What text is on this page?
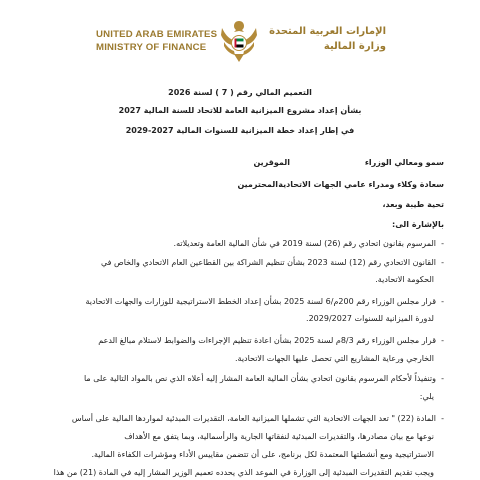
UNITED ARAB EMIRATES
MINISTRY OF FINANCE
الإمارات العربية المتحدة
وزارة المالية
التعميم المالي رقم ( 7 ) لسنة 2026
بشأن إعداد مشروع الميزانية العامة للاتحاد للسنة المالية 2027
في إطار إعداد خطة الميزانية للسنوات المالية 2027-2029
سمو ومعالي الوزراء
الموقرين
سعادة وكلاء ومدراء عامي الجهات الاتحادية
المحترمين
تحية طيبة وبعد،
بالإشارة الى:
-  المرسوم بقانون اتحادي رقم (26) لسنة 2019 في شأن المالية العامة وتعديلاته.
-  القانون الاتحادي رقم (12) لسنة 2023 بشأن تنظيم الشراكة بين القطاعين العام الاتحادي والخاص في
الحكومة الاتحادية.
-  قرار مجلس الوزراء رقم 200م/6 لسنة 2025 بشأن إعداد الخطط الاستراتيجية للوزارات والجهات الاتحادية
لدورة الميزانية للسنوات 2029/2027.
-  قرار مجلس الوزراء رقم 8/3م لسنة 2025 بشأن اعادة تنظيم الإجراءات والضوابط لاستلام مبالغ الدعم
الخارجي ورعاية المشاريع التي تحصل عليها الجهات الاتحادية.
-  وتنفيذاً لأحكام المرسوم بقانون اتحادي بشأن المالية العامة المشار إليه أعلاه الذي نص بالمواد التالية على ما
يلي:
-  المادة (22) " تعد الجهات الاتحادية التي تشملها الميزانية العامة، التقديرات المبدئية لمواردها المالية على أساس
نوعها مع بيان مصادرها، والتقديرات المبدئية لنفقاتها الجارية والرأسمالية، وبما يتفق مع الأهداف
الاستراتيجية ومع أنشطتها المعتمدة لكل برنامج، على أن تتضمن مقاييس الأداء ومؤشرات الكفاءة المالية.
ويجب تقديم التقديرات المبدئية إلى الوزارة في الموعد الذي يحدده تعميم الوزير المشار إليه في المادة (21) من هذا
